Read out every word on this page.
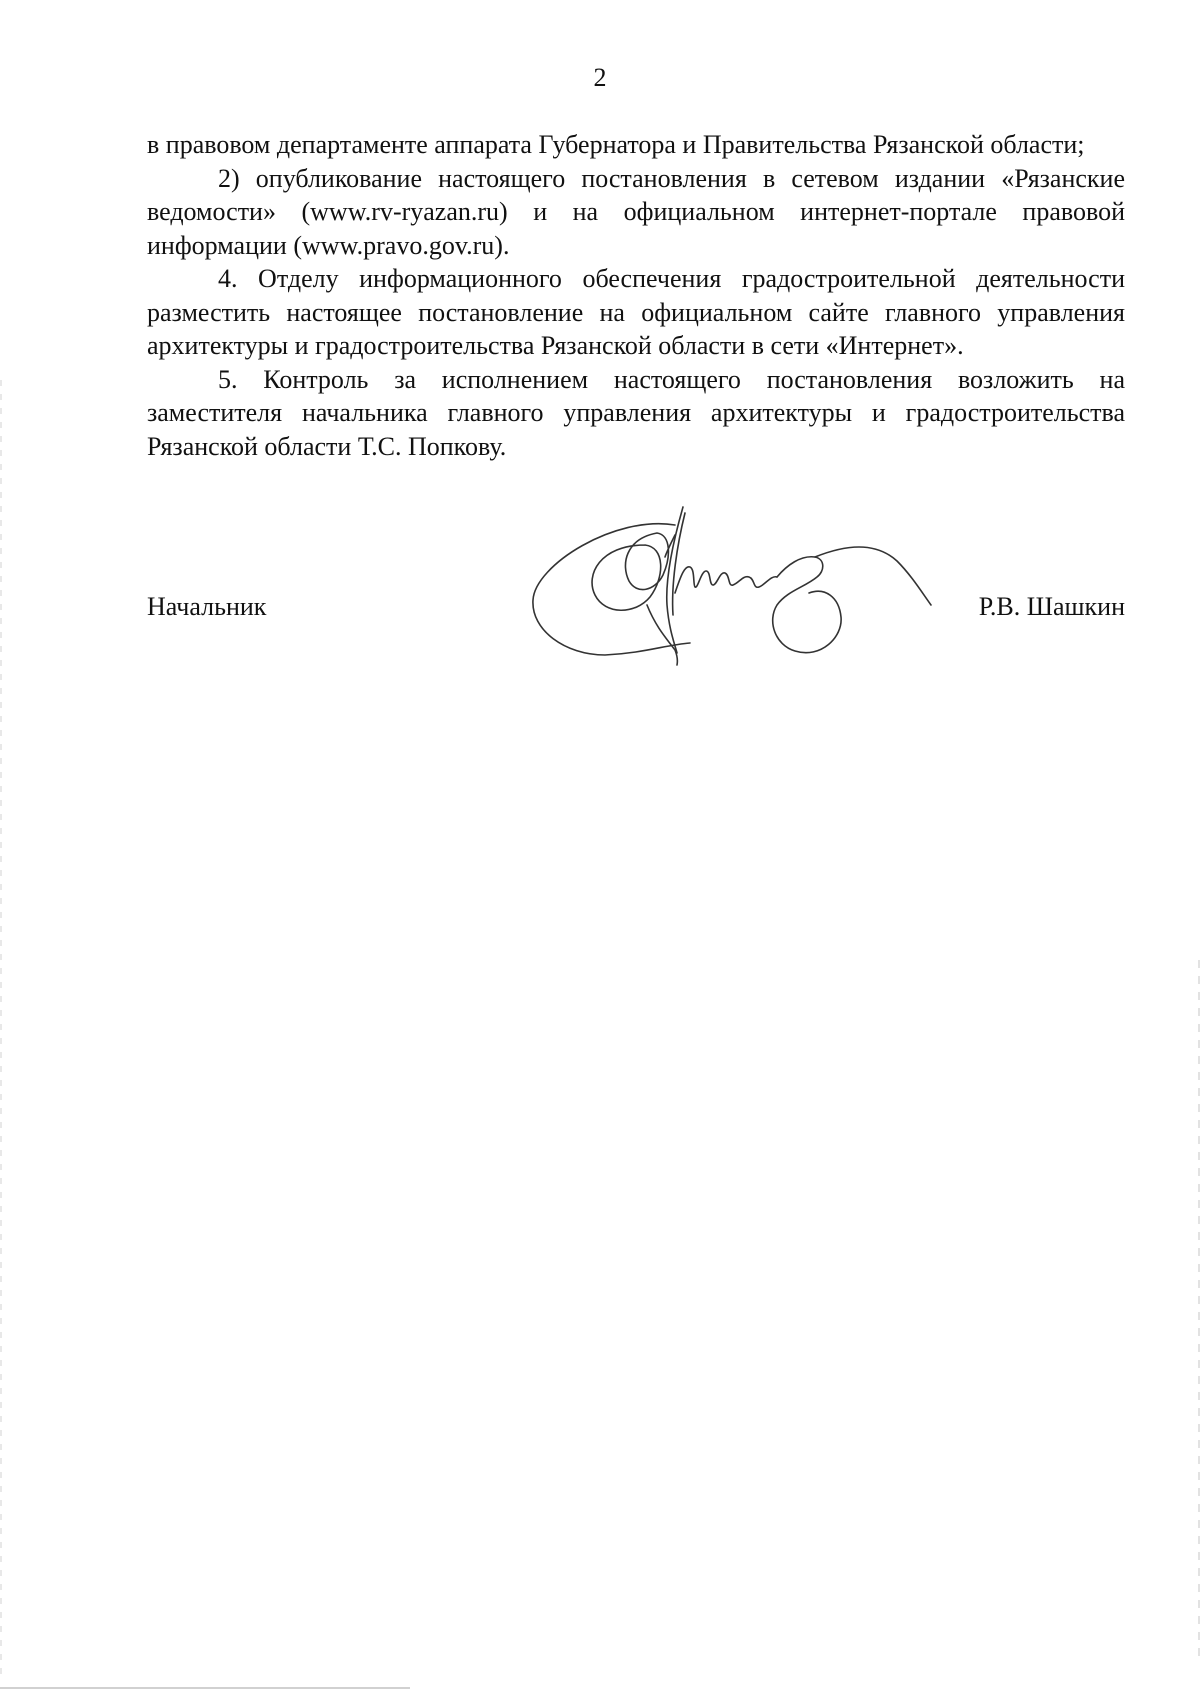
2

в правовом департаменте аппарата Губернатора и Правительства Рязанской области;

2) опубликование настоящего постановления в сетевом издании «Рязанские ведомости» (www.rv-ryazan.ru) и на официальном интернет-портале правовой информации (www.pravo.gov.ru).

4. Отделу информационного обеспечения градостроительной деятельности разместить настоящее постановление на официальном сайте главного управления архитектуры и градостроительства Рязанской области в сети «Интернет».

5. Контроль за исполнением настоящего постановления возложить на заместителя начальника главного управления архитектуры и градостроительства Рязанской области Т.С. Попкову.

Начальник	Р.В. Шашкин
